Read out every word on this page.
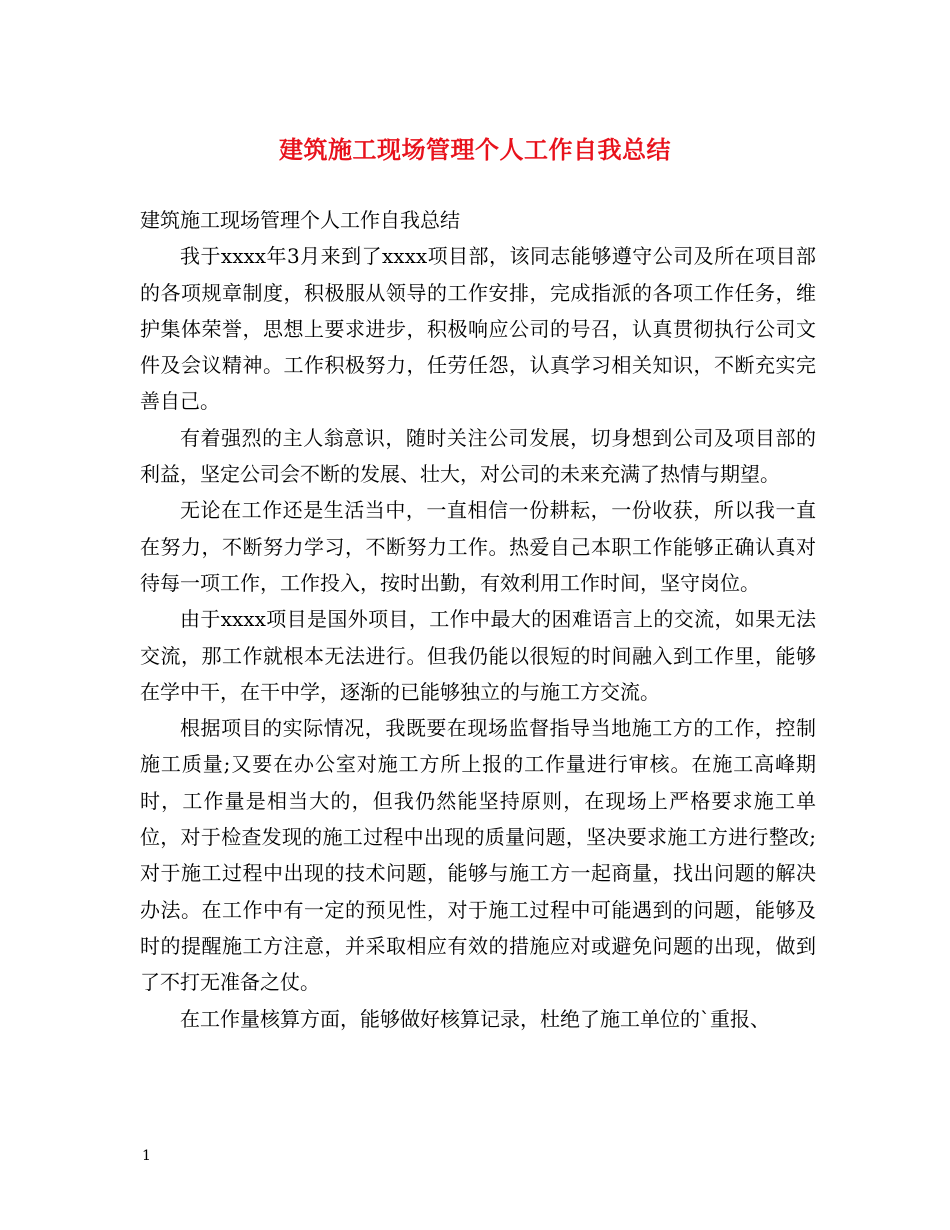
建筑施工现场管理个人工作自我总结

建筑施工现场管理个人工作自我总结

我于xxxx年3月来到了xxxx项目部，该同志能够遵守公司及所在项目部的各项规章制度，积极服从领导的工作安排，完成指派的各项工作任务，维护集体荣誉，思想上要求进步，积极响应公司的号召，认真贯彻执行公司文件及会议精神。工作积极努力，任劳任怨，认真学习相关知识，不断充实完善自己。

有着强烈的主人翁意识，随时关注公司发展，切身想到公司及项目部的利益，坚定公司会不断的发展、壮大，对公司的未来充满了热情与期望。

无论在工作还是生活当中，一直相信一份耕耘，一份收获，所以我一直在努力，不断努力学习，不断努力工作。热爱自己本职工作能够正确认真对待每一项工作，工作投入，按时出勤，有效利用工作时间，坚守岗位。

由于xxxx项目是国外项目，工作中最大的困难语言上的交流，如果无法交流，那工作就根本无法进行。但我仍能以很短的时间融入到工作里，能够在学中干，在干中学，逐渐的已能够独立的与施工方交流。

根据项目的实际情况，我既要在现场监督指导当地施工方的工作，控制施工质量;又要在办公室对施工方所上报的工作量进行审核。在施工高峰期时，工作量是相当大的，但我仍然能坚持原则，在现场上严格要求施工单位，对于检查发现的施工过程中出现的质量问题，坚决要求施工方进行整改;对于施工过程中出现的技术问题，能够与施工方一起商量，找出问题的解决办法。在工作中有一定的预见性，对于施工过程中可能遇到的问题，能够及时的提醒施工方注意，并采取相应有效的措施应对或避免问题的出现，做到了不打无准备之仗。

在工作量核算方面，能够做好核算记录，杜绝了施工单位的`重报、

1
